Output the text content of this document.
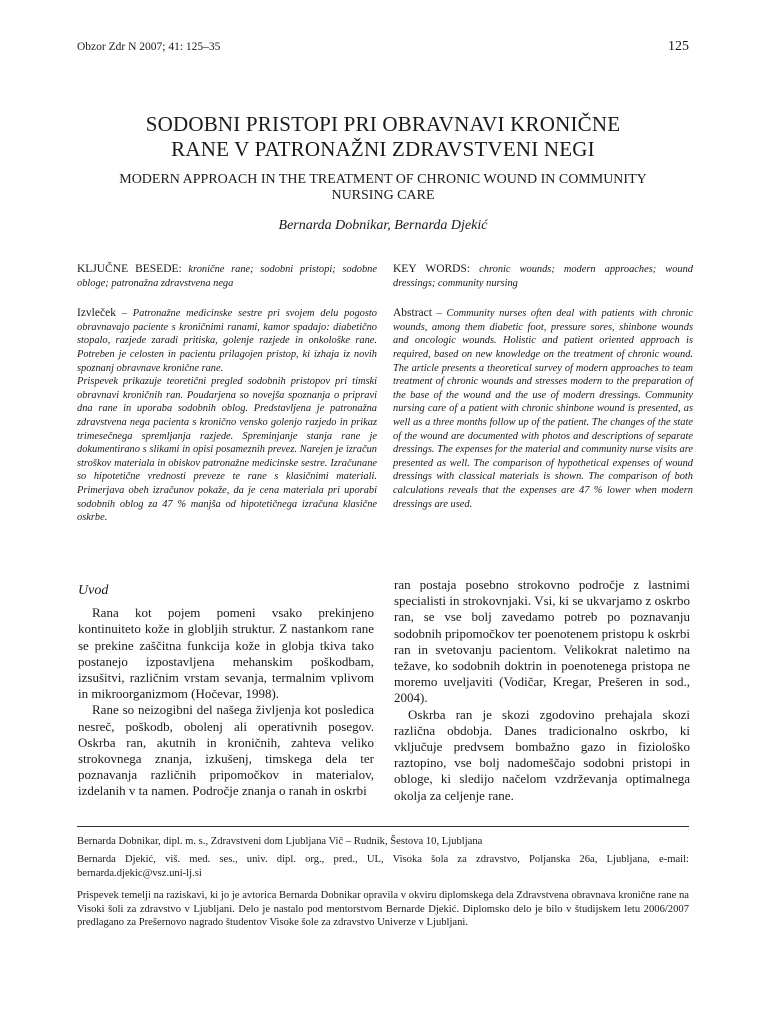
Obzor Zdr N 2007; 41: 125–35	125
SODOBNI PRISTOPI PRI OBRAVNAVI KRONIČNE
RANE V PATRONAŽNI ZDRAVSTVENI NEGI
MODERN APPROACH IN THE TREATMENT OF CHRONIC WOUND IN COMMUNITY
NURSING CARE
Bernarda Dobnikar, Bernarda Djekić

KLJUČNE BESEDE: kronične rane; sodobni pristopi; sodobne obloge; patronažna zdravstvena nega

Izvleček – Patronažne medicinske sestre pri svojem delu pogosto obravnavajo paciente s kroničnimi ranami, kamor spadajo: diabetično stopalo, razjede zaradi pritiska, golenje razjede in onkološke rane. Potreben je celosten in pacientu prilagojen pristop, ki izhaja iz novih spoznanj obravnave kronične rane.

Prispevek prikazuje teoretični pregled sodobnih pristopov pri timski obravnavi kroničnih ran. Poudarjena so novejša spoznanja o pripravi dna rane in uporaba sodobnih oblog. Predstavljena je patronažna zdravstvena nega pacienta s kronično vensko golenjo razjedo in prikaz trimesečnega spremljanja razjede. Spreminjanje stanja rane je dokumentirano s slikami in opisi posameznih prevez. Narejen je izračun stroškov materiala in obiskov patronažne medicinske sestre. Izračunane so hipotetične vrednosti preveze te rane s klasičnimi materiali. Primerjava obeh izračunov pokaže, da je cena materiala pri uporabi sodobnih oblog za 47 % manjša od hipotetičnega izračuna klasične oskrbe.

KEY WORDS: chronic wounds; modern approaches; wound dressings; community nursing

Abstract – Community nurses often deal with patients with chronic wounds, among them diabetic foot, pressure sores, shinbone wounds and oncologic wounds. Holistic and patient oriented approach is required, based on new knowledge on the treatment of chronic wound. The article presents a theoretical survey of modern approaches to team treatment of chronic wounds and stresses modern to the preparation of the base of the wound and the use of modern dressings. Community nursing care of a patient with chronic shinbone wound is presented, as well as a three months follow up of the patient. The changes of the state of the wound are documented with photos and descriptions of separate dressings. The expenses for the material and community nurse visits are presented as well. The comparison of hypothetical expenses of wound dressings with classical materials is shown. The comparison of both calculations reveals that the expenses are 47 % lower when modern dressings are used.

Uvod

Rana kot pojem pomeni vsako prekinjeno kontinuiteto kože in globljih struktur. Z nastankom rane se prekine zaščitna funkcija kože in globja tkiva tako postanejo izpostavljena mehanskim poškodbam, izsušitvi, različnim vrstam sevanja, termalnim vplivom in mikroorganizmom (Hočevar, 1998).

Rane so neizogibni del našega življenja kot posledica nesreč, poškodb, obolenj ali operativnih posegov. Oskrba ran, akutnih in kroničnih, zahteva veliko strokovnega znanja, izkušenj, timskega dela ter poznavanja različnih pripomočkov in materialov, izdelanih v ta namen. Področje znanja o ranah in oskrbi

ran postaja posebno strokovno področje z lastnimi specialisti in strokovnjaki. Vsi, ki se ukvarjamo z oskrbo ran, se vse bolj zavedamo potreb po poznavanju sodobnih pripomočkov ter poenotenem pristopu k oskrbi ran in svetovanju pacientom. Velikokrat naletimo na težave, ko sodobnih doktrin in poenotenega pristopa ne moremo uveljaviti (Vodičar, Kregar, Prešeren in sod., 2004).

Oskrba ran je skozi zgodovino prehajala skozi različna obdobja. Danes tradicionalno oskrbo, ki vključuje predvsem bombažno gazo in fiziološko raztopino, vse bolj nadomeščajo sodobni pristopi in obloge, ki sledijo načelom vzdrževanja optimalnega okolja za celjenje rane.

Bernarda Dobnikar, dipl. m. s., Zdravstveni dom Ljubljana Vič – Rudnik, Šestova 10, Ljubljana

Bernarda Djekić, viš. med. ses., univ. dipl. org., pred., UL, Visoka šola za zdravstvo, Poljanska 26a, Ljubljana, e-mail: bernarda.djekic@vsz.uni-lj.si

Prispevek temelji na raziskavi, ki jo je avtorica Bernarda Dobnikar opravila v okviru diplomskega dela Zdravstvena obravnava kronične rane na Visoki šoli za zdravstvo v Ljubljani. Delo je nastalo pod mentorstvom Bernarde Djekić. Diplomsko delo je bilo v študijskem letu 2006/2007 predlagano za Prešernovo nagrado študentov Visoke šole za zdravstvo Univerze v Ljubljani.
